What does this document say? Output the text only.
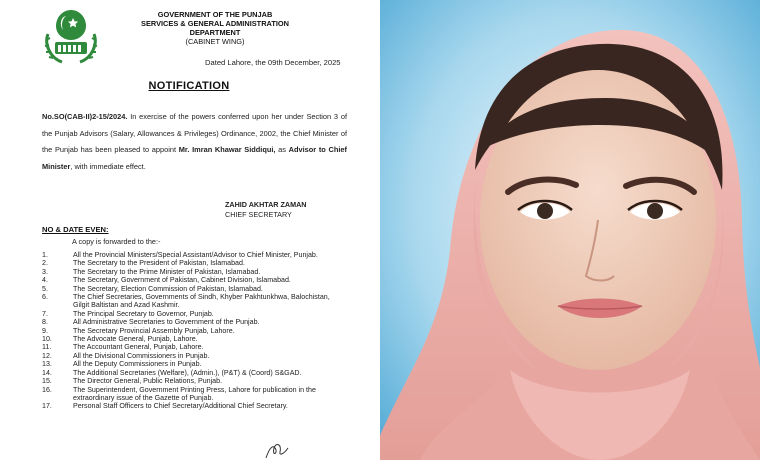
GOVERNMENT OF THE PUNJAB
SERVICES & GENERAL ADMINISTRATION
DEPARTMENT
(CABINET WING)
Dated Lahore, the 09th December, 2025
NOTIFICATION
No.SO(CAB-II)2-15/2024. In exercise of the powers conferred upon her under Section 3 of the Punjab Advisors (Salary, Allowances & Privileges) Ordinance, 2002, the Chief Minister of the Punjab has been pleased to appoint Mr. Imran Khawar Siddiqui, as Advisor to Chief Minister, with immediate effect.
ZAHID AKHTAR ZAMAN
CHIEF SECRETARY
NO & DATE EVEN:
A copy is forwarded to the:-
1.	All the Provincial Ministers/Special Assistant/Advisor to Chief Minister, Punjab.
2.	The Secretary to the President of Pakistan, Islamabad.
3.	The Secretary to the Prime Minister of Pakistan, Islamabad.
4.	The Secretary, Government of Pakistan, Cabinet Division, Islamabad.
5.	The Secretary, Election Commission of Pakistan, Islamabad.
6.	The Chief Secretaries, Governments of Sindh, Khyber Pakhtunkhwa, Balochistan, Gilgit Baltistan and Azad Kashmir.
7.	The Principal Secretary to Governor, Punjab.
8.	All Administrative Secretaries to Government of the Punjab.
9.	The Secretary Provincial Assembly Punjab, Lahore.
10.	The Advocate General, Punjab, Lahore.
11.	The Accountant General, Punjab, Lahore.
12.	All the Divisional Commissioners in Punjab.
13.	All the Deputy Commissioners in Punjab.
14.	The Additional Secretaries (Welfare), (Admin.), (P&T) & (Coord) S&GAD.
15.	The Director General, Public Relations, Punjab.
16.	The Superintendent, Government Printing Press, Lahore for publication in the extraordinary issue of the Gazette of Punjab.
17.	Personal Staff Officers to Chief Secretary/Additional Chief Secretary.
